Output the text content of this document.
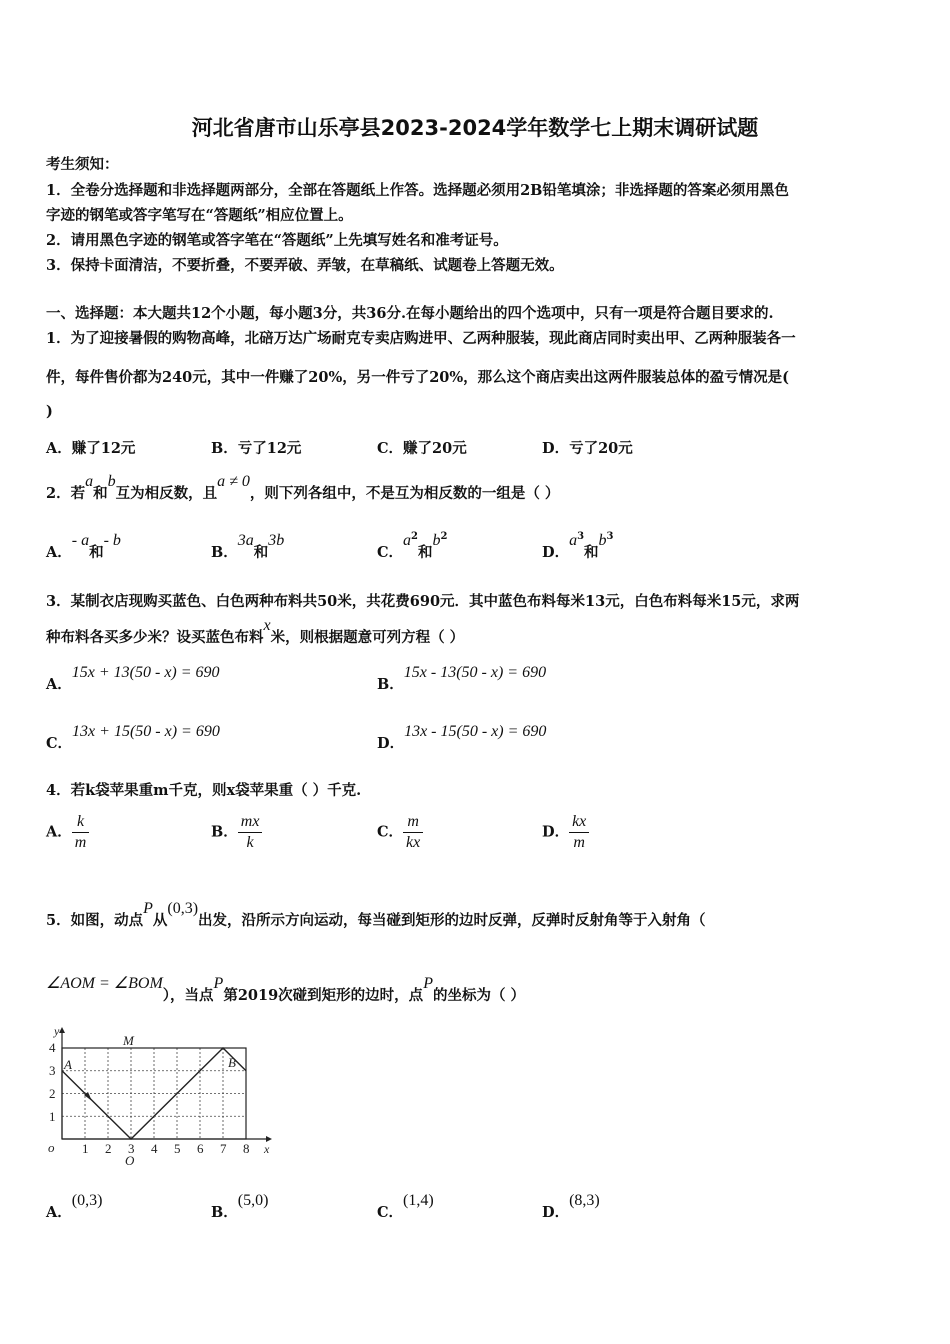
河北省唐市山乐亭县2023-2024学年数学七上期末调研试题
考生须知：
1．全卷分选择题和非选择题两部分，全部在答题纸上作答。选择题必须用2B铅笔填涂；非选择题的答案必须用黑色
字迹的钢笔或答字笔写在“答题纸”相应位置上。
2．请用黑色字迹的钢笔或答字笔在“答题纸”上先填写姓名和准考证号。
3．保持卡面清洁，不要折叠，不要弄破、弄皱，在草稿纸、试题卷上答题无效。
一、选择题：本大题共12个小题，每小题3分，共36分.在每小题给出的四个选项中，只有一项是符合题目要求的.
1．为了迎接暑假的购物高峰，北碚万达广场耐克专卖店购进甲、乙两种服装，现此商店同时卖出甲、乙两种服装各一
件，每件售价都为240元，其中一件赚了20%，另一件亏了20%，那么这个商店卖出这两件服装总体的盈亏情况是(
)
A．赚了12元	B．亏了12元	C．赚了20元	D．亏了20元
2．若a和b互为相反数，且a ≠ 0，则下列各组中，不是互为相反数的一组是（ ）
A．- a和- b
B．3a和3b
C．$a^2$和$b^2$
D．$a^3$和$b^3$
3．某制衣店现购买蓝色、白色两种布料共50米，共花费690元．其中蓝色布料每米13元，白色布料每米15元，求两
种布料各买多少米？设买蓝色布料x米，则根据题意可列方程（ ）
A．15x + 13(50 - x) = 690
B．15x - 13(50 - x) = 690
C．13x + 15(50 - x) = 690
D．13x - 15(50 - x) = 690
4．若k袋苹果重m千克，则x袋苹果重（ ）千克.
A． $\frac{k}{m}$	B． $\frac{mx}{k}$	C． $\frac{m}{kx}$	D． $\frac{kx}{m}$
5．如图，动点P从(0,3)出发，沿所示方向运动，每当碰到矩形的边时反弹，反弹时反射角等于入射角（
∠AOM = ∠BOM），当点P第2019次碰到矩形的边时，点P的坐标为（ ）
1 2 3 4 5 6 7 8
1
2
3
4
o
y
x
A	B
M
O
A．(0,3)
B．(5,0)
C．(1,4)
D．(8,3)
